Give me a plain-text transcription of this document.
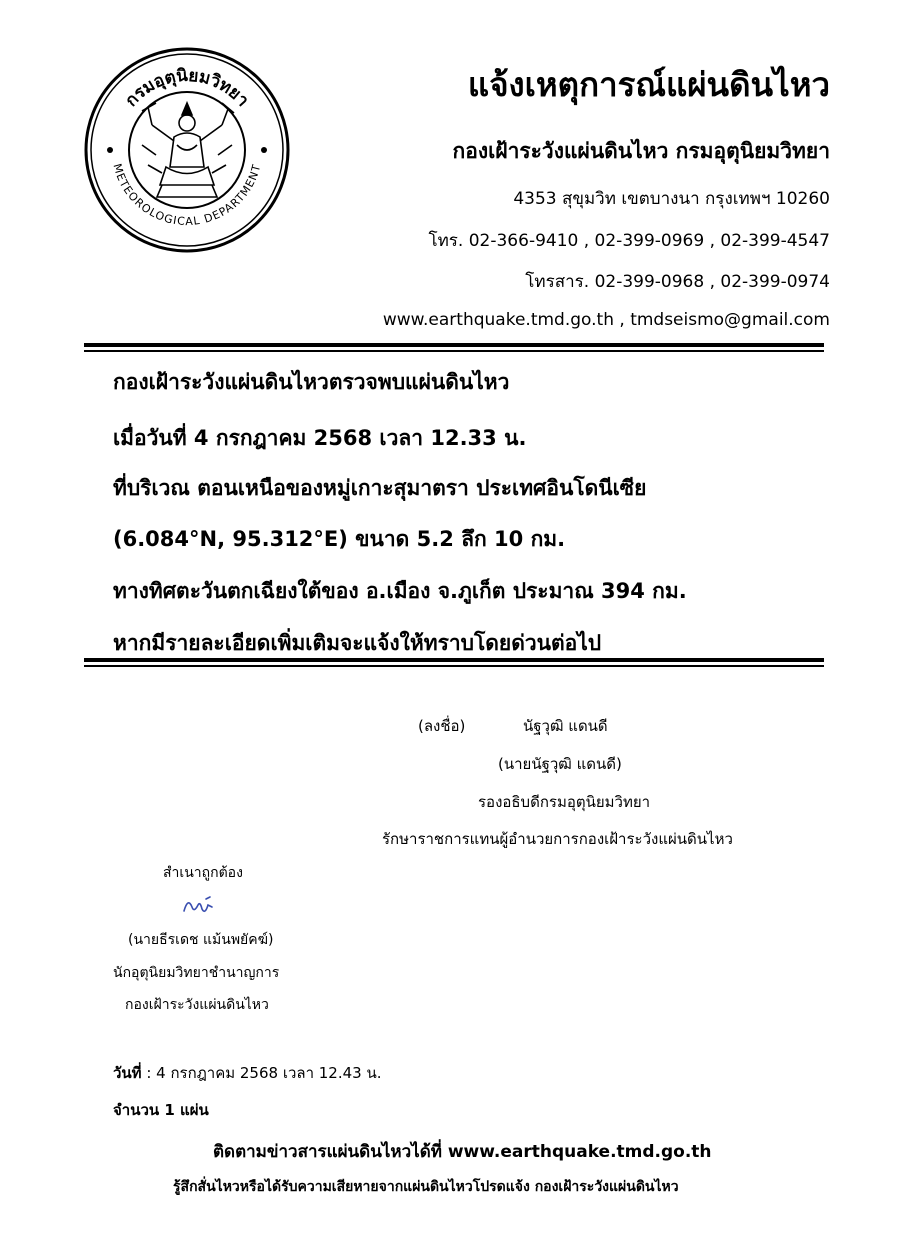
กรมอุตุนิยมวิทยา
METEOROLOGICAL DEPARTMENT
แจ้งเหตุการณ์แผ่นดินไหว
กองเฝ้าระวังแผ่นดินไหว กรมอุตุนิยมวิทยา
4353 สุขุมวิท เขตบางนา กรุงเทพฯ 10260
โทร. 02-366-9410 , 02-399-0969 , 02-399-4547
โทรสาร. 02-399-0968 , 02-399-0974
www.earthquake.tmd.go.th , tmdseismo@gmail.com
กองเฝ้าระวังแผ่นดินไหวตรวจพบแผ่นดินไหว
เมื่อวันที่ 4 กรกฎาคม 2568 เวลา 12.33 น.
ที่บริเวณ ตอนเหนือของหมู่เกาะสุมาตรา ประเทศอินโดนีเซีย
(6.084°N, 95.312°E) ขนาด 5.2 ลึก 10 กม.
ทางทิศตะวันตกเฉียงใต้ของ อ.เมือง จ.ภูเก็ต ประมาณ 394 กม.
หากมีรายละเอียดเพิ่มเติมจะแจ้งให้ทราบโดยด่วนต่อไป
(ลงชื่อ)	นัฐวุฒิ แดนดี
(นายนัฐวุฒิ แดนดี)
รองอธิบดีกรมอุตุนิยมวิทยา
รักษาราชการแทนผู้อำนวยการกองเฝ้าระวังแผ่นดินไหว
สำเนาถูกต้อง
(นายธีรเดช แม้นพยัคฆ์)
นักอุตุนิยมวิทยาชำนาญการ
กองเฝ้าระวังแผ่นดินไหว
วันที่ : 4 กรกฎาคม 2568 เวลา 12.43 น.
จำนวน 1 แผ่น
ติดตามข่าวสารแผ่นดินไหวได้ที่ www.earthquake.tmd.go.th
รู้สึกสั่นไหวหรือได้รับความเสียหายจากแผ่นดินไหวโปรดแจ้ง กองเฝ้าระวังแผ่นดินไหว
